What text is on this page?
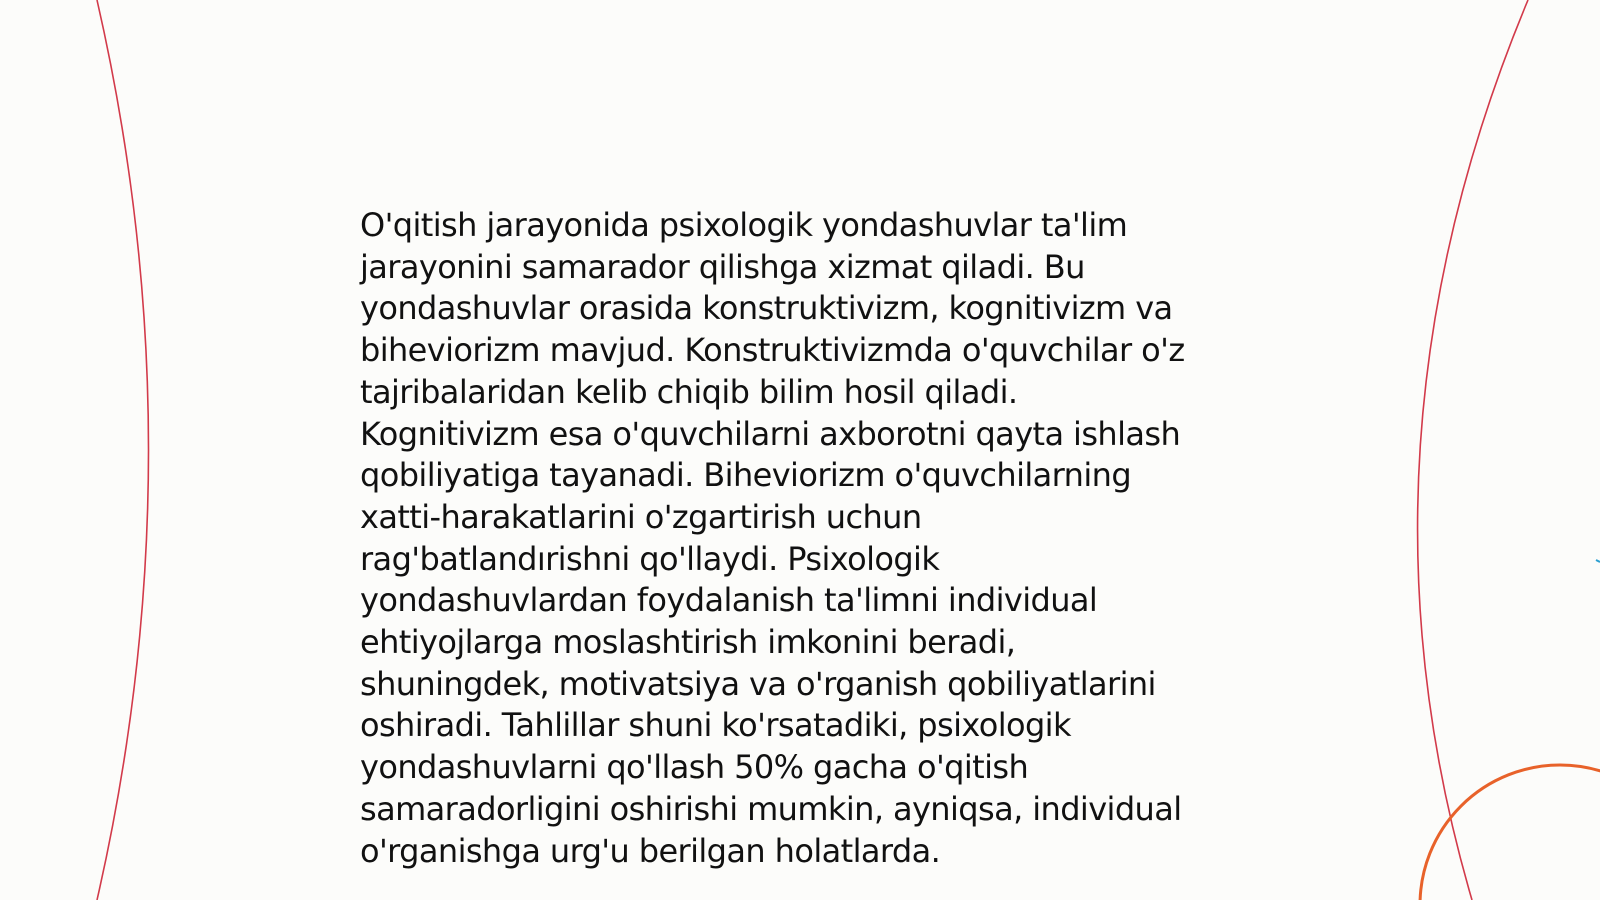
O'qitish jarayonida psixologik yondashuvlar ta'lim
jarayonini samarador qilishga xizmat qiladi. Bu
yondashuvlar orasida konstruktivizm, kognitivizm va
biheviorizm mavjud. Konstruktivizmda o'quvchilar o'z
tajribalaridan kelib chiqib bilim hosil qiladi.
Kognitivizm esa o'quvchilarni axborotni qayta ishlash
qobiliyatiga tayanadi. Biheviorizm o'quvchilarning
xatti-harakatlarini o'zgartirish uchun
rag'batlandırishni qo'llaydi. Psixologik
yondashuvlardan foydalanish ta'limni individual
ehtiyojlarga moslashtirish imkonini beradi,
shuningdek, motivatsiya va o'rganish qobiliyatlarini
oshiradi. Tahlillar shuni ko'rsatadiki, psixologik
yondashuvlarni qo'llash 50% gacha o'qitish
samaradorligini oshirishi mumkin, ayniqsa, individual
o'rganishga urg'u berilgan holatlarda.
